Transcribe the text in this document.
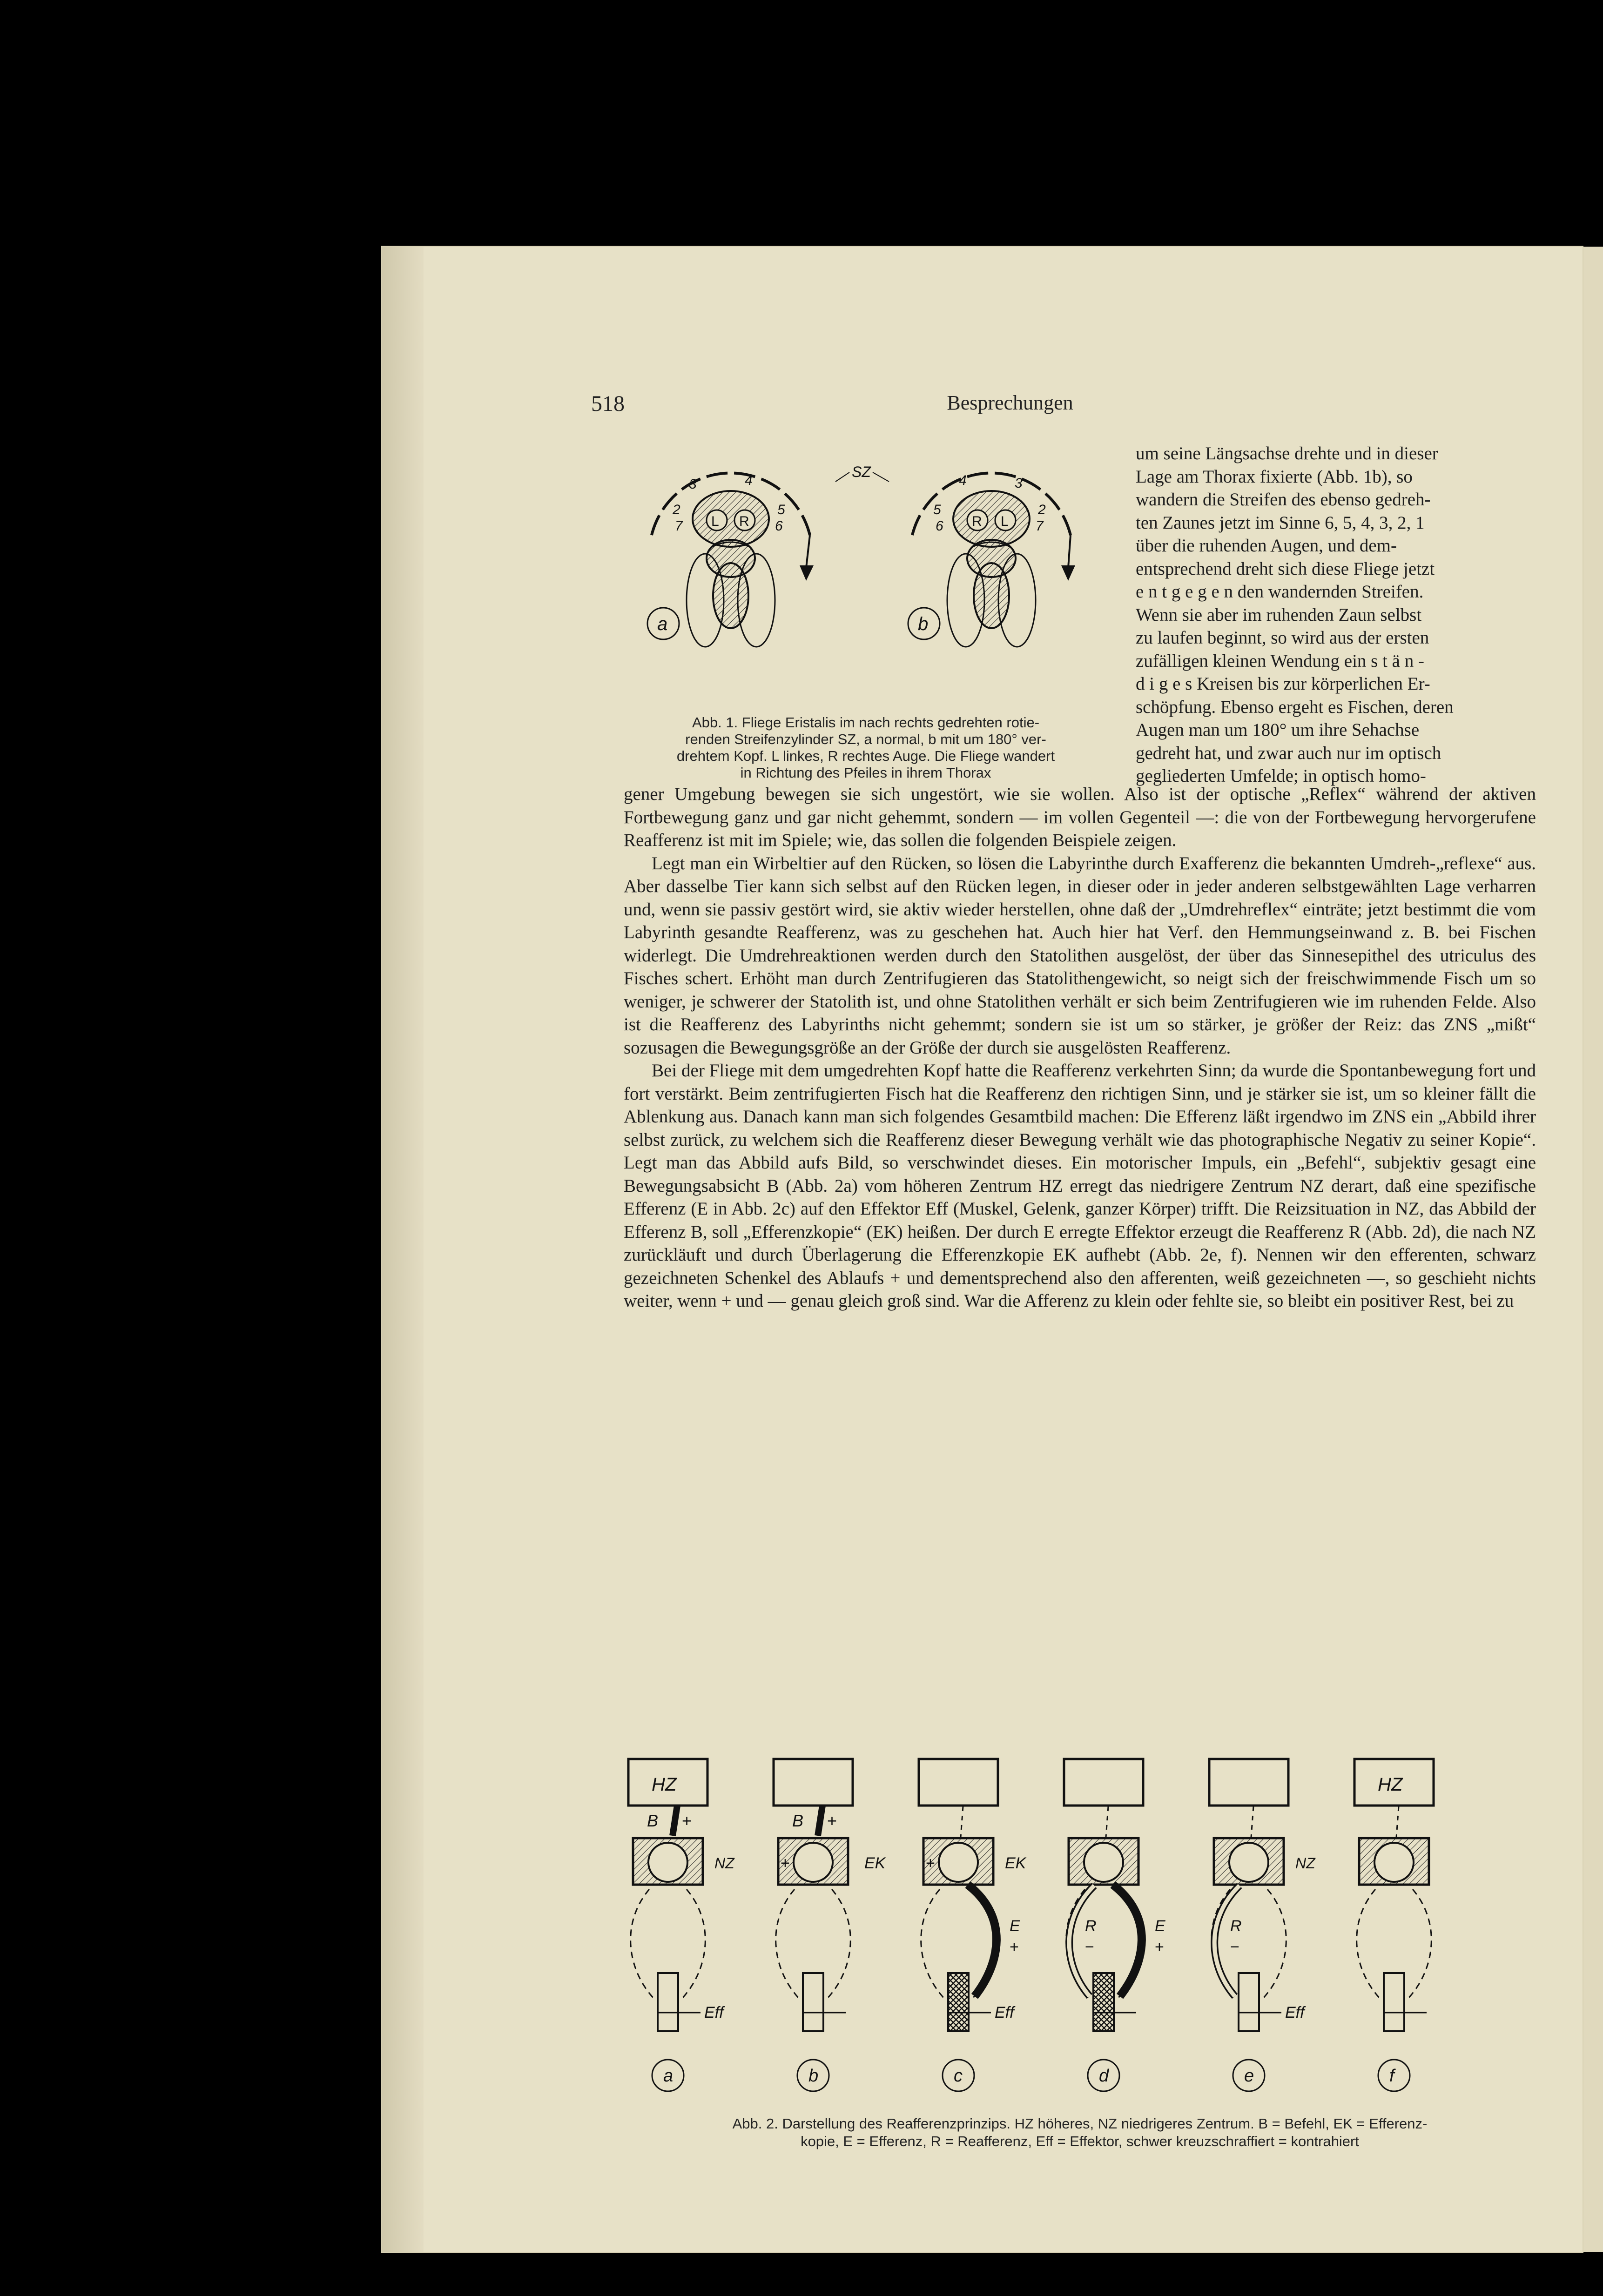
518	Besprechungen
a
3	4
2	5
7	6
L R
SZ
b
4	3
5	2
6	7
R L
Abb. 1. Fliege Eristalis im nach rechts gedrehten rotie-
renden Streifenzylinder SZ, a normal, b mit um 180° ver-
drehtem Kopf. L linkes, R rechtes Auge. Die Fliege wandert
in Richtung des Pfeiles in ihrem Thorax

um seine Längsachse drehte und in dieser

Lage am Thorax fixierte (Abb. 1b), so

wandern die Streifen des ebenso gedreh-

ten Zaunes jetzt im Sinne 6, 5, 4, 3, 2, 1

über die ruhenden Augen, und dem-

entsprechend dreht sich diese Fliege jetzt

e n t g e g e n den wandernden Streifen.

Wenn sie aber im ruhenden Zaun selbst

zu laufen beginnt, so wird aus der ersten

zufälligen kleinen Wendung ein s t ä n -

d i g e s Kreisen bis zur körperlichen Er-

schöpfung. Ebenso ergeht es Fischen, deren

Augen man um 180° um ihre Sehachse

gedreht hat, und zwar auch nur im optisch

gegliederten Umfelde; in optisch homo-

gener Umgebung bewegen sie sich ungestört, wie sie wollen. Also ist der optische „Reflex“ während der aktiven Fortbewegung ganz und gar nicht gehemmt, sondern — im vollen Gegenteil —: die von der Fortbewegung hervorgerufene Reafferenz ist mit im Spiele; wie, das sollen die folgenden Beispiele zeigen.

Legt man ein Wirbeltier auf den Rücken, so lösen die Labyrinthe durch Exafferenz die bekannten Umdreh-„reflexe“ aus. Aber dasselbe Tier kann sich selbst auf den Rücken legen, in dieser oder in jeder anderen selbstgewählten Lage verharren und, wenn sie passiv gestört wird, sie aktiv wieder herstellen, ohne daß der „Umdrehreflex“ einträte; jetzt bestimmt die vom Labyrinth gesandte Reafferenz, was zu geschehen hat. Auch hier hat Verf. den Hemmungseinwand z. B. bei Fischen widerlegt. Die Umdrehreaktionen werden durch den Statolithen ausgelöst, der über das Sinnesepithel des utriculus des Fisches schert. Erhöht man durch Zentrifugieren das Statolithengewicht, so neigt sich der freischwimmende Fisch um so weniger, je schwerer der Statolith ist, und ohne Statolithen verhält er sich beim Zentrifugieren wie im ruhenden Felde. Also ist die Reafferenz des Labyrinths nicht gehemmt; sondern sie ist um so stärker, je größer der Reiz: das ZNS „mißt“ sozusagen die Bewegungsgröße an der Größe der durch sie ausgelösten Reafferenz.

Bei der Fliege mit dem umgedrehten Kopf hatte die Reafferenz verkehrten Sinn; da wurde die Spontanbewegung fort und fort verstärkt. Beim zentrifugierten Fisch hat die Reafferenz den richtigen Sinn, und je stärker sie ist, um so kleiner fällt die Ablenkung aus. Danach kann man sich folgendes Gesamtbild machen: Die Efferenz läßt irgendwo im ZNS ein „Abbild ihrer selbst zurück, zu welchem sich die Reafferenz dieser Bewegung verhält wie das photographische Negativ zu seiner Kopie“. Legt man das Abbild aufs Bild, so verschwindet dieses. Ein motorischer Impuls, ein „Befehl“, subjektiv gesagt eine Bewegungsabsicht B (Abb. 2a) vom höheren Zentrum HZ erregt das niedrigere Zentrum NZ derart, daß eine spezifische Efferenz (E in Abb. 2c) auf den Effektor Eff (Muskel, Gelenk, ganzer Körper) trifft. Die Reizsituation in NZ, das Abbild der Efferenz B, soll „Efferenzkopie“ (EK) heißen. Der durch E erregte Effektor erzeugt die Reafferenz R (Abb. 2d), die nach NZ zurückläuft und durch Überlagerung die Efferenzkopie EK aufhebt (Abb. 2e, f). Nennen wir den efferenten, schwarz gezeichneten Schenkel des Ablaufs + und dementsprechend also den afferenten, weiß gezeichneten —, so geschieht nichts weiter, wenn + und — genau gleich groß sind. War die Afferenz zu klein oder fehlte sie, so bleibt ein positiver Rest, bei zu

HZ
B +
NZ
Eff
a
B +
+	EK
b
+	EK
Eff
E
+
c
E
+
R
−
d
NZ
Eff
R
−
e
HZ
f
Abb. 2. Darstellung des Reafferenzprinzips. HZ höheres, NZ niedrigeres Zentrum. B = Befehl, EK = Efferenz-
kopie, E = Efferenz, R = Reafferenz, Eff = Effektor, schwer kreuzschraffiert = kontrahiert
